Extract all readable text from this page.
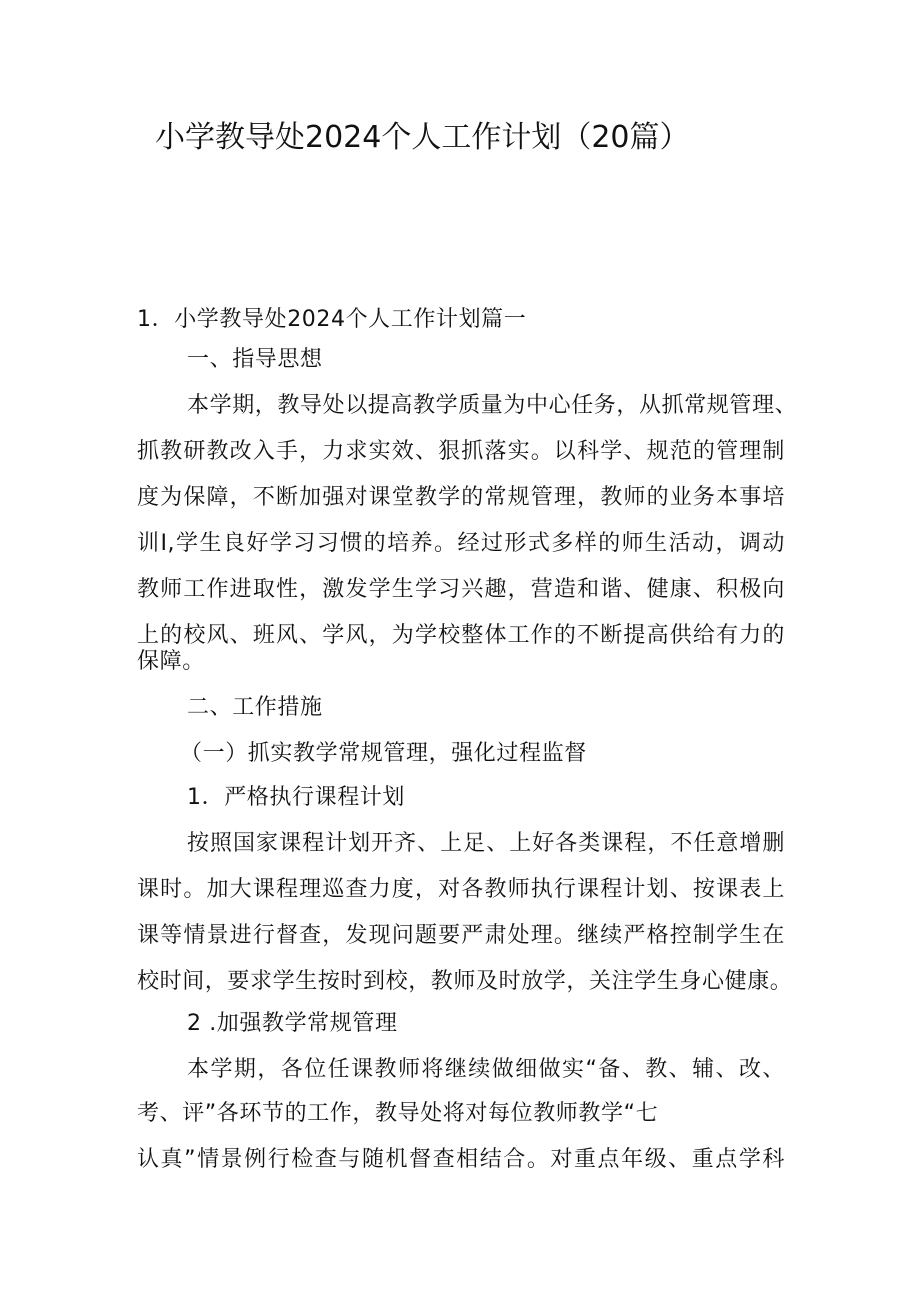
小学教导处2024个人工作计划（20篇）
1．小学教导处2024个人工作计划篇一
一、指导思想
本学期，教导处以提高教学质量为中心任务，从抓常规管理、
抓教研教改入手，力求实效、狠抓落实。以科学、规范的管理制
度为保障，不断加强对课堂教学的常规管理，教师的业务本事培
训I,学生良好学习习惯的培养。经过形式多样的师生活动，调动
教师工作进取性，激发学生学习兴趣，营造和谐、健康、积极向
上的校风、班风、学风，为学校整体工作的不断提高供给有力的
保障。
二、工作措施
（一）抓实教学常规管理，强化过程监督
1．严格执行课程计划
按照国家课程计划开齐、上足、上好各类课程，不任意增删
课时。加大课程理巡查力度，对各教师执行课程计划、按课表上
课等情景进行督查，发现问题要严肃处理。继续严格控制学生在
校时间，要求学生按时到校，教师及时放学，关注学生身心健康。
2 .加强教学常规管理
本学期，各位任课教师将继续做细做实“备、教、辅、改、
考、评”各环节的工作，教导处将对每位教师教学“七
认真”情景例行检查与随机督查相结合。对重点年级、重点学科
